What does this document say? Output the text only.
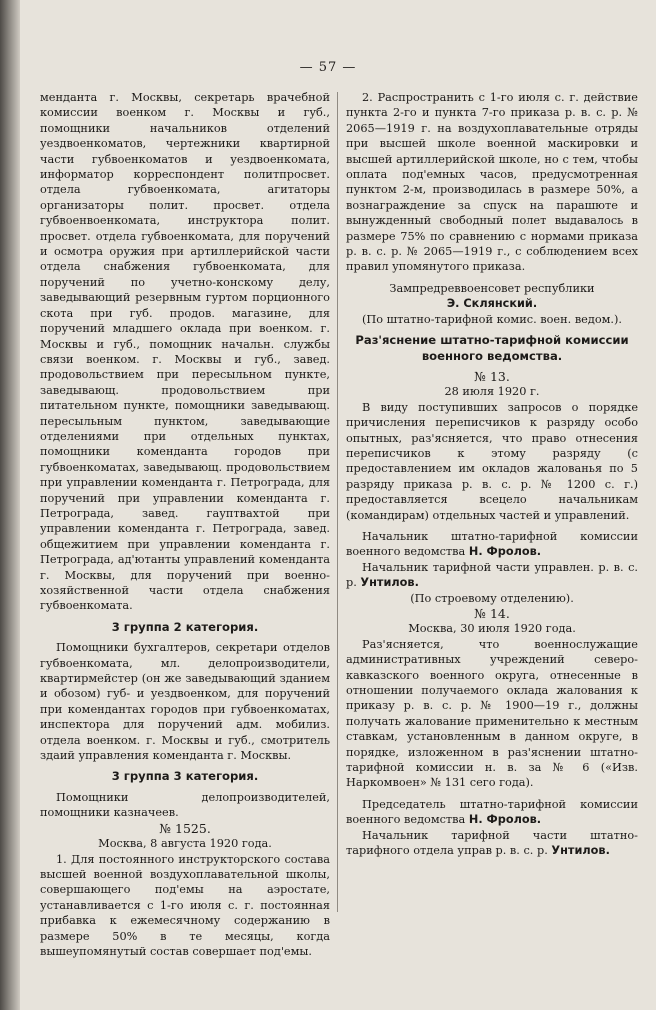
— 57 —

мендантa г. Москвы, секретарь врачебной комиссии военком г. Москвы и губ., помощники начальников отделений уездвоенкоматов, чертежники квартирной части губвоенкоматов и уездвоенкомата, информатор корреспондент политпросвет. отдела губвоенкомата, агитаторы организаторы полит. просвет. отдела губвоенвоенкомата, инструктора полит. просвет. отдела губвоенкомата, для поручений и осмотра оружия при артиллерийской части отдела снабжения губвоенкомата, для поручений по учетно-конскому делу, заведывающий резервным гуртом порционного скота при губ. продов. магазине, для поручений младшего оклада при военком. г. Москвы и губ., помощник начальн. службы связи военком. г. Москвы и губ., завед. продовольствием при пересыльном пункте, заведывающ. продовольствием при питательном пункте, помощники заведывающ. пересыльным пунктом, заведывающие отделениями при отдельных пунктах, помощники коменданта городов при губвоенкоматах, заведывающ. продовольствием при управлении коменданта г. Петрограда, для поручений при управлении коменданта г. Петрограда, завед. гауптвахтой при управлении коменданта г. Петрограда, завед. общежитием при управлении коменданта г. Петрограда, ад'ютанты управлений коменданта г. Москвы, для поручений при военно-хозяйственной части отдела снабжения губвоенкомата.

3 группа 2 категория.

Помощники бухгалтеров, секретари отделов губвоенкомата, мл. делопроизводители, квартирмейстер (он же заведывающий зданием и обозом) губ- и уездвоенком, для поручений при комендантах городов при губвоенкоматах, инспектора для поручений адм. мобилиз. отдела военком. г. Москвы и губ., смотритель здаий управления коменданта г. Москвы.

3 группа 3 категория.

Помощники делопроизводителей, помощники казначеев.

№ 1525.

Москва, 8 августа 1920 года.

1. Для постоянного инструкторского состава высшей военной воздухоплавательной школы, совершающего под'емы на аэростате, устанавливается с 1-го июля с. г. постоянная прибавка к ежемесячному содержанию в размере 50% в те месяцы, когда вышеупомянутый состав совершает под'емы.

2. Распространить с 1-го июля с. г. действие пункта 2-го и пункта 7-го приказа р. в. с. р. № 2065—1919 г. на воздухоплавательные отряды при высшей школе военной маскировки и высшей артиллерийской школе, но с тем, чтобы оплата под'емных часов, предусмотренная пунктом 2-м, производилась в размере 50%, а вознаграждение за спуск на парашюте и вынужденный свободный полет выдавалось в размере 75% по сравнению с нормами приказа р. в. с. р. № 2065—1919 г., с соблюдением всех правил упомянутого приказа.

Зампредреввоенсовет республики

Э. Склянский.

(По штатно-тарифной комис. воен. ведом.).

Раз'яснение штатно-тарифной комиссии военного ведомства.

№ 13.

28 июля 1920 г.

В виду поступивших запросов о порядке причисления переписчиков к разряду особо опытных, раз'ясняется, что право отнесения переписчиков к этому разряду (с предоставлением им окладов жалованья по 5 разряду приказа р. в. с. р. № 1200 с. г.) предоставляется всецело начальникам (командирам) отдельных частей и управлений.

Начальник штатно-тарифной комиссии военного ведомства Н. Фролов.

Начальник тарифной части управлен. р. в. с. р. Унтилов.

(По строевому отделению).

№ 14.

Москва, 30 июля 1920 года.

Раз'ясняется, что военнослужащие административных учреждений северо-кавказского военного округа, отнесенные в отношении получаемого оклада жалования к приказу р. в. с. р. № 1900—19 г., должны получать жалование применительно к местным ставкам, установленным в данном округе, в порядке, изложенном в раз'яснении штатно-тарифной комиссии н. в. за № 6 («Изв. Наркомвоен» № 131 сего года).

Председатель штатно-тарифной комиссии военного ведомства Н. Фролов.

Начальник тарифной части штатно-тарифного отдела управ р. в. с. р. Унтилов.
